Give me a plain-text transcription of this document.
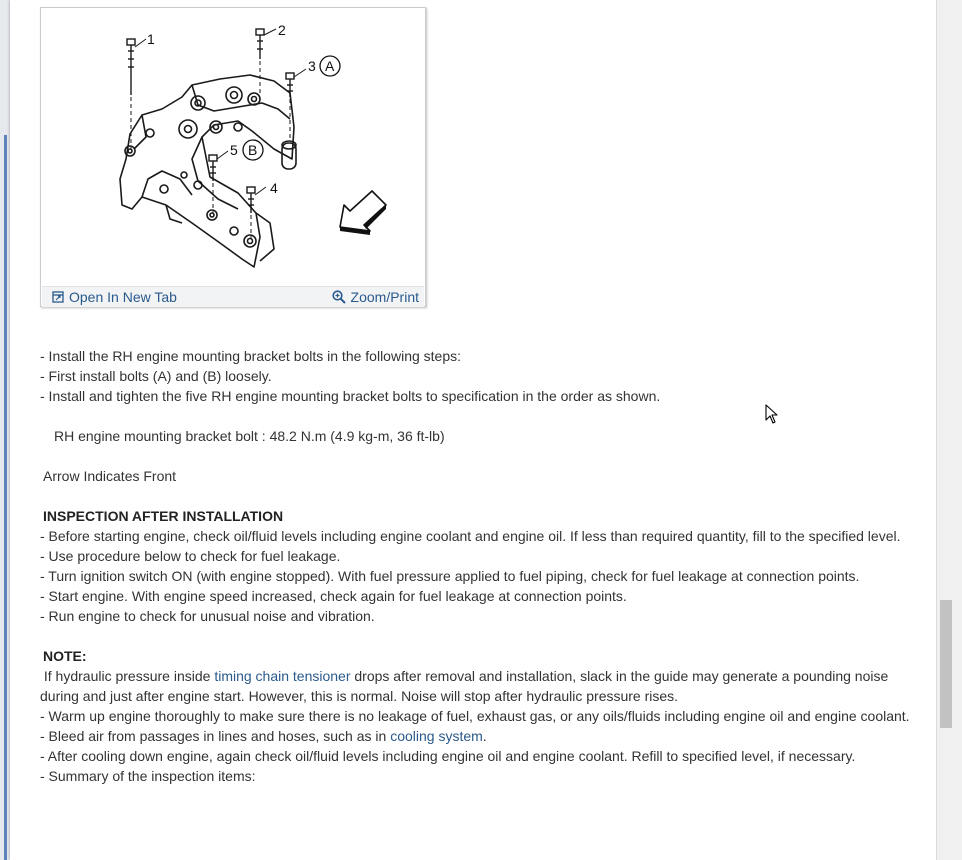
1
2
3
5
4
A
B
Open In New Tab	Zoom/Print

- Install the RH engine mounting bracket bolts in the following steps:

- First install bolts (A) and (B) loosely.

- Install and tighten the five RH engine mounting bracket bolts to specification in the order as shown.

RH engine mounting bracket bolt : 48.2 N.m (4.9 kg-m, 36 ft-lb)

Arrow Indicates Front

INSPECTION AFTER INSTALLATION

- Before starting engine, check oil/fluid levels including engine coolant and engine oil. If less than required quantity, fill to the specified level.

- Use procedure below to check for fuel leakage.

- Turn ignition switch ON (with engine stopped). With fuel pressure applied to fuel piping, check for fuel leakage at connection points.

- Start engine. With engine speed increased, check again for fuel leakage at connection points.

- Run engine to check for unusual noise and vibration.

NOTE:

If hydraulic pressure inside timing chain tensioner drops after removal and installation, slack in the guide may generate a pounding noise during and just after engine start. However, this is normal. Noise will stop after hydraulic pressure rises.

- Warm up engine thoroughly to make sure there is no leakage of fuel, exhaust gas, or any oils/fluids including engine oil and engine coolant.

- Bleed air from passages in lines and hoses, such as in cooling system.

- After cooling down engine, again check oil/fluid levels including engine oil and engine coolant. Refill to specified level, if necessary.

- Summary of the inspection items:
